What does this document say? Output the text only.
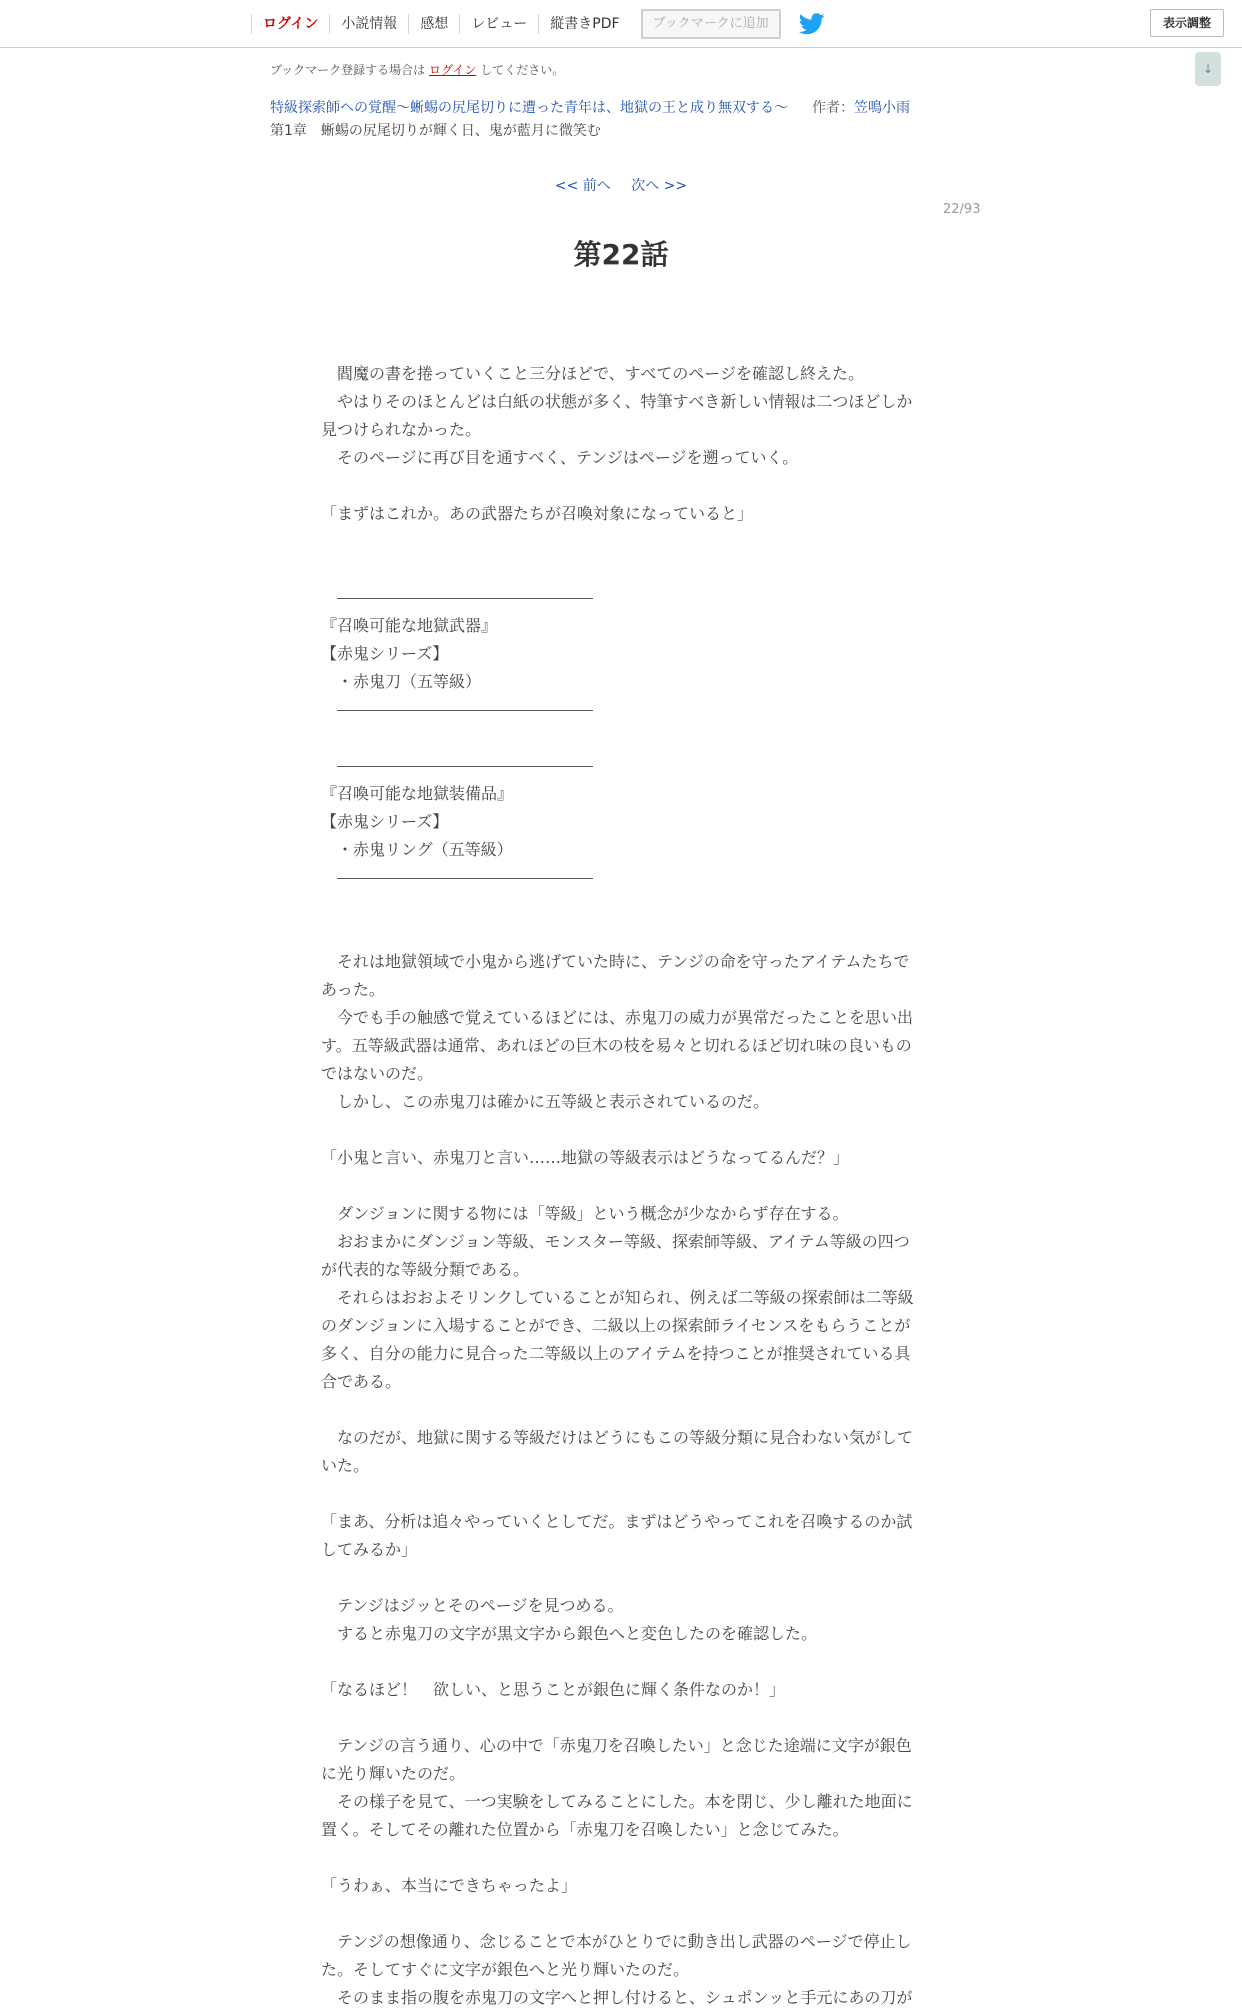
ログイン	小説情報	感想	レビュー	縦書きPDF	ブックマークに追加	表示調整
↓
ブックマーク登録する場合は ログイン してください。
特級探索師への覚醒～蜥蜴の尻尾切りに遭った青年は、地獄の王と成り無双する～ 作者：笠鳴小雨
第1章　蜥蜴の尻尾切りが輝く日、鬼が藍月に微笑む
<< 前へ 次へ >>
22/93
第22話

　閻魔の書を捲っていくこと三分ほどで、すべてのページを確認し終えた。

　やはりそのほとんどは白紙の状態が多く、特筆すべき新しい情報は二つほどしか見つけられなかった。

　そのページに再び目を通すべく、テンジはページを遡っていく。

「まずはこれか。あの武器たちが召喚対象になっていると」

『召喚可能な地獄武器』

【赤鬼シリーズ】

　・赤鬼刀（五等級）

『召喚可能な地獄装備品』

【赤鬼シリーズ】

　・赤鬼リング（五等級）

　それは地獄領域で小鬼から逃げていた時に、テンジの命を守ったアイテムたちであった。

　今でも手の触感で覚えているほどには、赤鬼刀の威力が異常だったことを思い出す。五等級武器は通常、あれほどの巨木の枝を易々と切れるほど切れ味の良いものではないのだ。

　しかし、この赤鬼刀は確かに五等級と表示されているのだ。

「小鬼と言い、赤鬼刀と言い……地獄の等級表示はどうなってるんだ？」

　ダンジョンに関する物には「等級」という概念が少なからず存在する。

　おおまかにダンジョン等級、モンスター等級、探索師等級、アイテム等級の四つが代表的な等級分類である。

　それらはおおよそリンクしていることが知られ、例えば二等級の探索師は二等級のダンジョンに入場することができ、二級以上の探索師ライセンスをもらうことが多く、自分の能力に見合った二等級以上のアイテムを持つことが推奨されている具合である。

　なのだが、地獄に関する等級だけはどうにもこの等級分類に見合わない気がしていた。

「まあ、分析は追々やっていくとしてだ。まずはどうやってこれを召喚するのか試してみるか」

　テンジはジッとそのページを見つめる。

　すると赤鬼刀の文字が黒文字から銀色へと変色したのを確認した。

「なるほど！　欲しい、と思うことが銀色に輝く条件なのか！」

　テンジの言う通り、心の中で「赤鬼刀を召喚したい」と念じた途端に文字が銀色に光り輝いたのだ。

　その様子を見て、一つ実験をしてみることにした。本を閉じ、少し離れた地面に置く。そしてその離れた位置から「赤鬼刀を召喚したい」と念じてみた。

「うわぁ、本当にできちゃったよ」

　テンジの想像通り、念じることで本がひとりでに動き出し武器のページで停止した。そしてすぐに文字が銀色へと光り輝いたのだ。

　そのまま指の腹を赤鬼刀の文字へと押し付けると、シュポンッと手元にあの刀が
